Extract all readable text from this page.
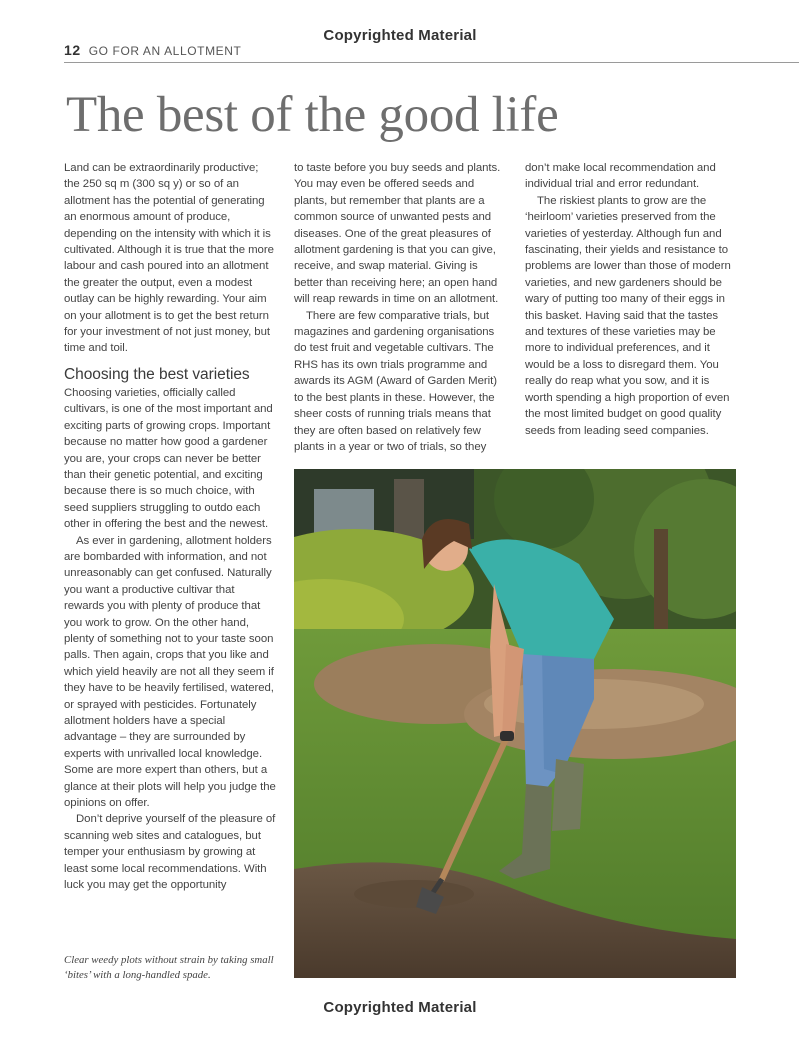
Copyrighted Material
12 GO FOR AN ALLOTMENT
The best of the good life

Land can be extraordinarily productive; the 250 sq m (300 sq y) or so of an allotment has the potential of generating an enormous amount of produce, depending on the intensity with which it is cultivated. Although it is true that the more labour and cash poured into an allotment the greater the output, even a modest outlay can be highly rewarding. Your aim on your allotment is to get the best return for your investment of not just money, but time and toil.

Choosing the best varieties

Choosing varieties, officially called cultivars, is one of the most important and exciting parts of growing crops. Important because no matter how good a gardener you are, your crops can never be better than their genetic potential, and exciting because there is so much choice, with seed suppliers struggling to outdo each other in offering the best and the newest.

As ever in gardening, allotment holders are bombarded with information, and not unreasonably can get confused. Naturally you want a productive cultivar that rewards you with plenty of produce that you work to grow. On the other hand, plenty of something not to your taste soon palls. Then again, crops that you like and which yield heavily are not all they seem if they have to be heavily fertilised, watered, or sprayed with pesticides. Fortunately allotment holders have a special advantage – they are surrounded by experts with unrivalled local knowledge. Some are more expert than others, but a glance at their plots will help you judge the opinions on offer.

Don’t deprive yourself of the pleasure of scanning web sites and catalogues, but temper your enthusiasm by growing at least some local recommendations. With luck you may get the opportunity

to taste before you buy seeds and plants. You may even be offered seeds and plants, but remember that plants are a common source of unwanted pests and diseases. One of the great pleasures of allotment gardening is that you can give, receive, and swap material. Giving is better than receiving here; an open hand will reap rewards in time on an allotment.

There are few comparative trials, but magazines and gardening organisations do test fruit and vegetable cultivars. The RHS has its own trials programme and awards its AGM (Award of Garden Merit) to the best plants in these. However, the sheer costs of running trials means that they are often based on relatively few plants in a year or two of trials, so they

don’t make local recommendation and individual trial and error redundant.

The riskiest plants to grow are the ‘heirloom’ varieties preserved from the varieties of yesterday. Although fun and fascinating, their yields and resistance to problems are lower than those of modern varieties, and new gardeners should be wary of putting too many of their eggs in this basket. Having said that the tastes and textures of these varieties may be more to individual preferences, and it would be a loss to disregard them. You really do reap what you sow, and it is worth spending a high proportion of even the most limited budget on good quality seeds from leading seed companies.

Clear weedy plots without strain by taking small ‘bites’ with a long-handled spade.
Copyrighted Material
